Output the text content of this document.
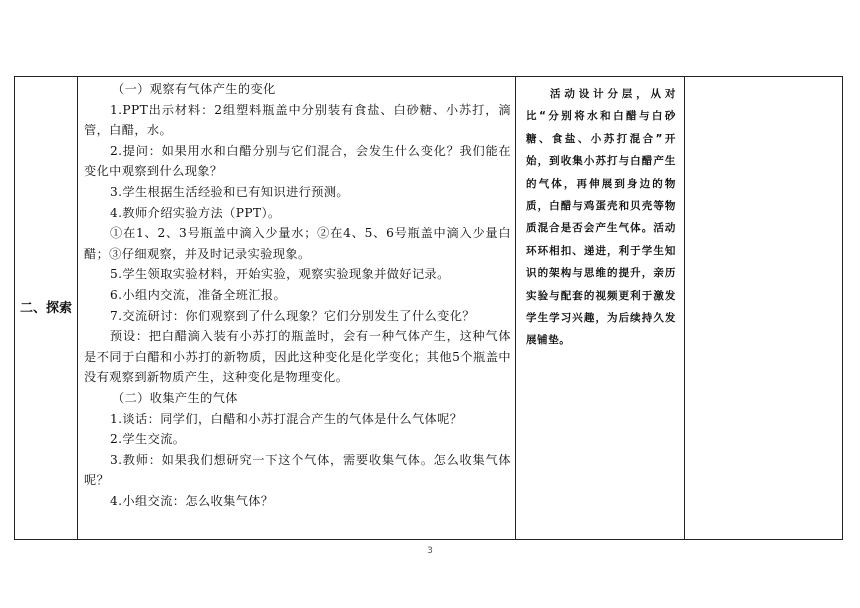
二、探索	

（一）观察有气体产生的变化

1.PPT出示材料：2组塑料瓶盖中分别装有食盐、白砂糖、小苏打，滴管，白醋，水。

2.提问：如果用水和白醋分别与它们混合，会发生什么变化？我们能在变化中观察到什么现象？

3.学生根据生活经验和已有知识进行预测。

4.教师介绍实验方法（PPT）。

①在1、2、3号瓶盖中滴入少量水；②在4、5、6号瓶盖中滴入少量白醋；③仔细观察，并及时记录实验现象。

5.学生领取实验材料，开始实验，观察实验现象并做好记录。

6.小组内交流，准备全班汇报。

7.交流研讨：你们观察到了什么现象？它们分别发生了什么变化？

预设：把白醋滴入装有小苏打的瓶盖时，会有一种气体产生，这种气体是不同于白醋和小苏打的新物质，因此这种变化是化学变化；其他5个瓶盖中没有观察到新物质产生，这种变化是物理变化。

（二）收集产生的气体

1.谈话：同学们，白醋和小苏打混合产生的气体是什么气体呢？

2.学生交流。

3.教师：如果我们想研究一下这个气体，需要收集气体。怎么收集气体呢？

4.小组交流：怎么收集气体？

活动设计分层，从对比“分别将水和白醋与白砂糖、食盐、小苏打混合”开始，到收集小苏打与白醋产生的气体，再伸展到身边的物质，白醋与鸡蛋壳和贝壳等物质混合是否会产生气体。活动环环相扣、递进，利于学生知识的架构与思维的提升，亲历实验与配套的视频更利于激发学生学习兴趣，为后续持久发展铺垫。

3
